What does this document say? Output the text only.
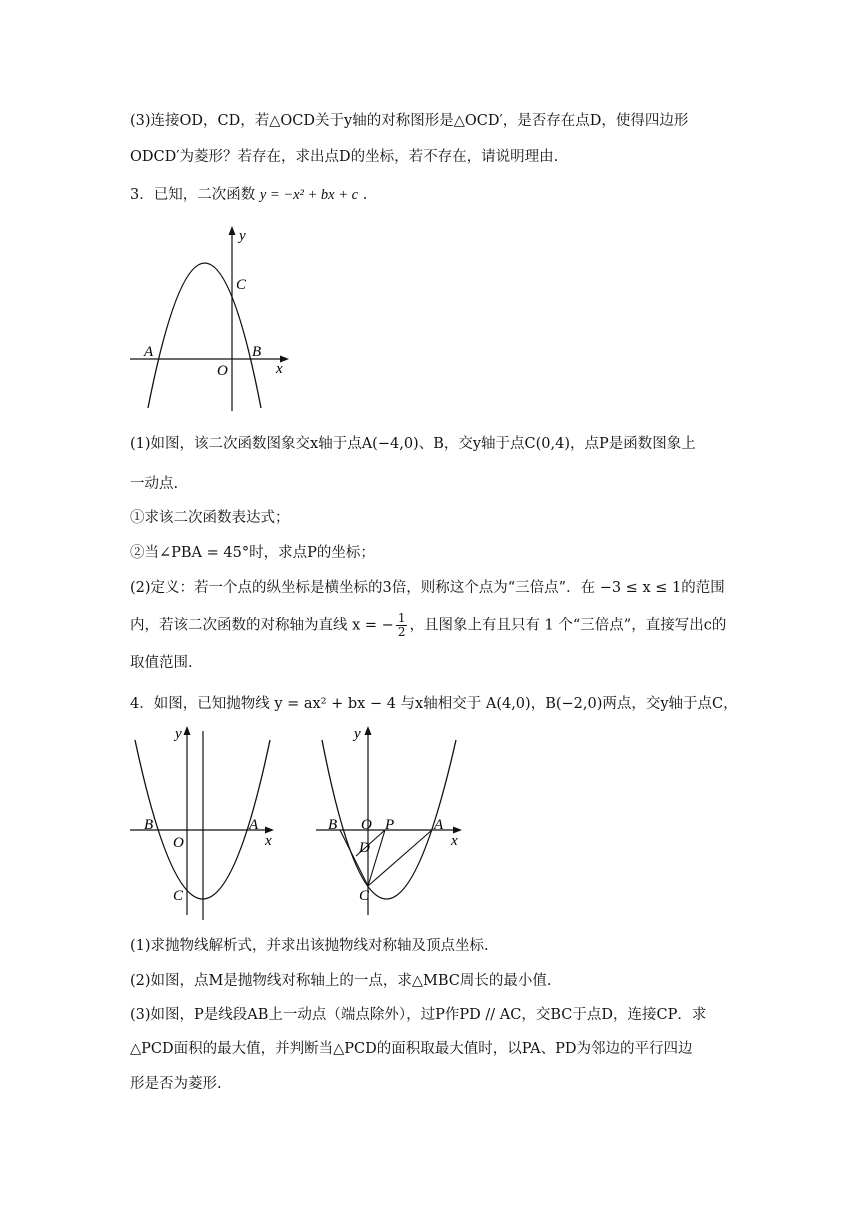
(3)连接OD，CD，若△OCD关于y轴的对称图形是△OCD′，是否存在点D，使得四边形
ODCD′为菱形？若存在，求出点D的坐标，若不存在，请说明理由.
3．已知，二次函数 y = −x² + bx + c .
y
C
A	B
O	x
(1)如图，该二次函数图象交x轴于点A(−4,0)、B，交y轴于点C(0,4)，点P是函数图象上
一动点.
①求该二次函数表达式；
②当∠PBA = 45°时，求点P的坐标；
(2)定义：若一个点的纵坐标是横坐标的3倍，则称这个点为“三倍点”．在 −3 ≤ x ≤ 1的范围
内，若该二次函数的对称轴为直线 x = − $\frac{1}{2}$ ，且图象上有且只有 1 个“三倍点”，直接写出c的
取值范围.
4．如图，已知抛物线 y = ax² + bx − 4 与x轴相交于 A(4,0)，B(−2,0)两点，交y轴于点C，
y
B
O
A
x
C
y
B O P	A
x
D
C
(1)求抛物线解析式，并求出该抛物线对称轴及顶点坐标.
(2)如图，点M是抛物线对称轴上的一点，求△MBC周长的最小值.
(3)如图，P是线段AB上一动点（端点除外），过P作PD // AC，交BC于点D，连接CP．求
△PCD面积的最大值，并判断当△PCD的面积取最大值时，以PA、PD为邻边的平行四边
形是否为菱形.
